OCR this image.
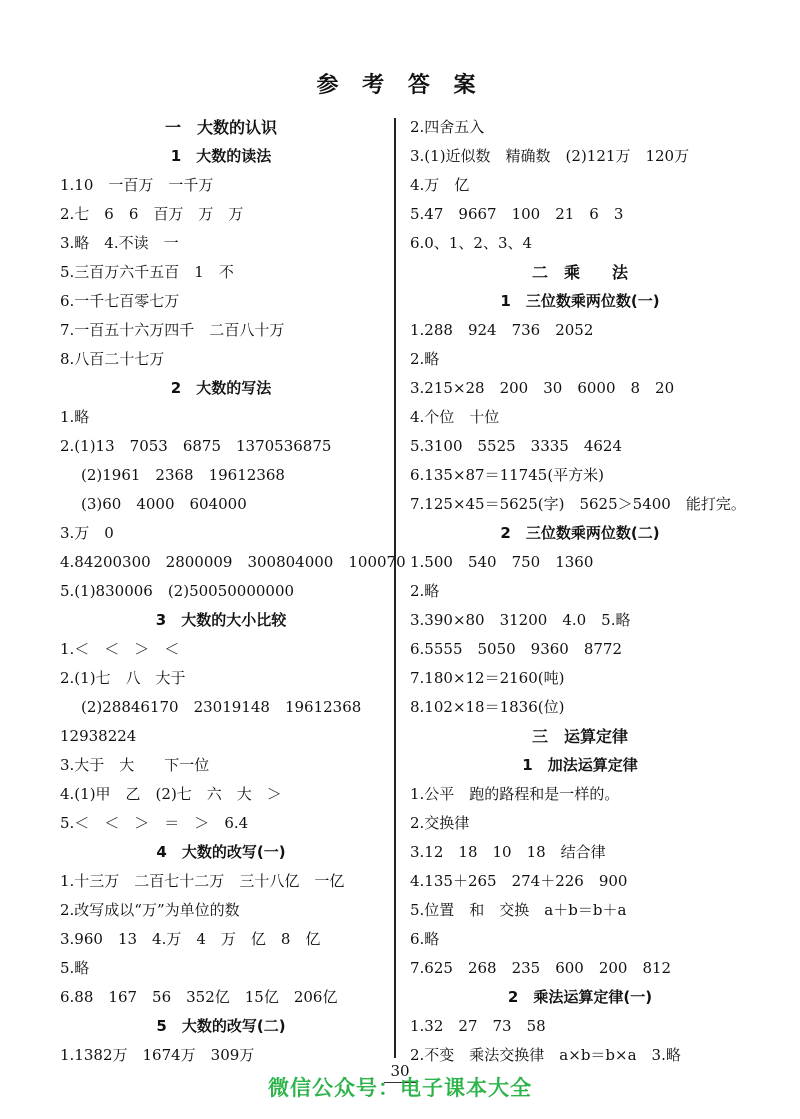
参 考 答 案
一　大数的认识
1　大数的读法
1.10　一百万　一千万
2.七　6　6　百万　万　万
3.略　4.不读　一
5.三百万六千五百　1　不
6.一千七百零七万
7.一百五十六万四千　二百八十万
8.八百二十七万
2　大数的写法
1.略
2.(1)13　7053　6875　1370536875
(2)1961　2368　19612368
(3)60　4000　604000
3.万　0
4.84200300　2800009　300804000　100070
5.(1)830006　(2)50050000000
3　大数的大小比较
1.＜　＜　＞　＜
2.(1)七　八　大于
(2)28846170　23019148　19612368
12938224
3.大于　大　　下一位
4.(1)甲　乙　(2)七　六　大　＞
5.＜　＜　＞　＝　＞　6.4
4　大数的改写(一)
1.十三万　二百七十二万　三十八亿　一亿
2.改写成以“万”为单位的数
3.960　13　4.万　4　万　亿　8　亿
5.略
6.88　167　56　352亿　15亿　206亿
5　大数的改写(二)
1.1382万　1674万　309万
2.四舍五入
3.(1)近似数　精确数　(2)121万　120万
4.万　亿
5.47　9667　100　21　6　3
6.0、1、2、3、4
二　乘　　法
1　三位数乘两位数(一)
1.288　924　736　2052
2.略
3.215×28　200　30　6000　8　20
4.个位　十位
5.3100　5525　3335　4624
6.135×87＝11745(平方米)
7.125×45＝5625(字)　5625＞5400　能打完。
2　三位数乘两位数(二)
1.500　540　750　1360
2.略
3.390×80　31200　4.0　5.略
6.5555　5050　9360　8772
7.180×12＝2160(吨)
8.102×18＝1836(位)
三　运算定律
1　加法运算定律
1.公平　跑的路程和是一样的。
2.交换律
3.12　18　10　18　结合律
4.135＋265　274＋226　900
5.位置　和　交换　a＋b＝b＋a
6.略
7.625　268　235　600　200　812
2　乘法运算定律(一)
1.32　27　73　58
2.不变　乘法交换律　a×b＝b×a　3.略
30
微信公众号：电子课本大全
